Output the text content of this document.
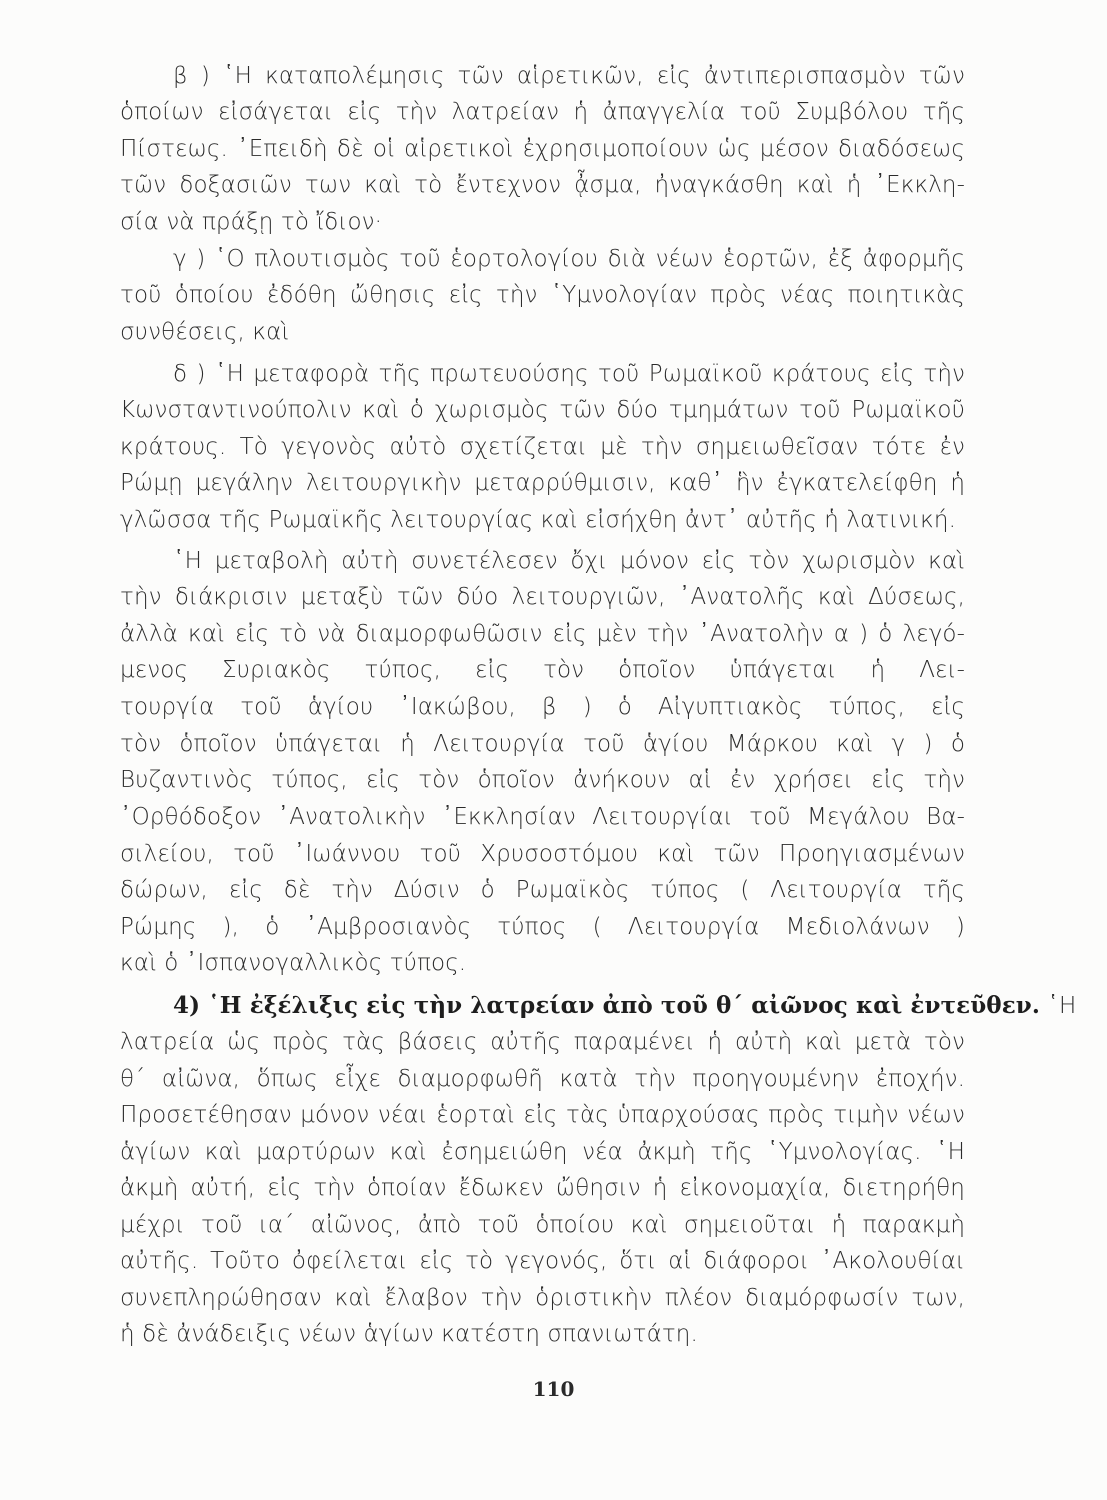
β ) ῾Η καταπολέμησις τῶν αἱρετικῶν, εἰς ἀντιπερισπασμὸν τῶν
ὁποίων εἰσάγεται εἰς τὴν λατρείαν ἡ ἀπαγγελία τοῦ Συμβόλου τῆς
Πίστεως. ᾿Επειδὴ δὲ οἱ αἱρετικοὶ ἐχρησιμοποίουν ὡς μέσον διαδόσεως
τῶν δοξασιῶν των καὶ τὸ ἔντεχνον ᾆσμα, ἠναγκάσθη καὶ ἡ ᾿Εκκλη-
σία νὰ πράξῃ τὸ ἴδιον·
γ ) ῾Ο πλουτισμὸς τοῦ ἑορτολογίου διὰ νέων ἑορτῶν, ἐξ ἀφορμῆς
τοῦ ὁποίου ἐδόθη ὤθησις εἰς τὴν ῾Υμνολογίαν πρὸς νέας ποιητικὰς
συνθέσεις, καὶ
δ ) ῾Η μεταφορὰ τῆς πρωτευούσης τοῦ Ρωμαϊκοῦ κράτους εἰς τὴν
Κωνσταντινούπολιν καὶ ὁ χωρισμὸς τῶν δύο τμημάτων τοῦ Ρωμαϊκοῦ
κράτους. Τὸ γεγονὸς αὐτὸ σχετίζεται μὲ τὴν σημειωθεῖσαν τότε ἐν
Ρώμῃ μεγάλην λειτουργικὴν μεταρρύθμισιν, καθ᾿ ἣν ἐγκατελείφθη ἡ
γλῶσσα τῆς Ρωμαϊκῆς λειτουργίας καὶ εἰσήχθη ἀντ᾿ αὐτῆς ἡ λατινική.
῾Η μεταβολὴ αὐτὴ συνετέλεσεν ὄχι μόνον εἰς τὸν χωρισμὸν καὶ
τὴν διάκρισιν μεταξὺ τῶν δύο λειτουργιῶν, ᾿Ανατολῆς καὶ Δύσεως,
ἀλλὰ καὶ εἰς τὸ νὰ διαμορφωθῶσιν εἰς μὲν τὴν ᾿Ανατολὴν α ) ὁ λεγό-
μενος Συριακὸς τύπος, εἰς τὸν ὁποῖον ὑπάγεται ἡ Λει-
τουργία τοῦ ἁγίου ᾿Ιακώβου, β ) ὁ Αἰγυπτιακὸς τύπος, εἰς
τὸν ὁποῖον ὑπάγεται ἡ Λειτουργία τοῦ ἁγίου Μάρκου καὶ γ ) ὁ
Βυζαντινὸς τύπος, εἰς τὸν ὁποῖον ἀνήκουν αἱ ἐν χρήσει εἰς τὴν
᾿Ορθόδοξον ᾿Ανατολικὴν ᾿Εκκλησίαν Λειτουργίαι τοῦ Μεγάλου Βα-
σιλείου, τοῦ ᾿Ιωάννου τοῦ Χρυσοστόμου καὶ τῶν Προηγιασμένων
δώρων, εἰς δὲ τὴν Δύσιν ὁ Ρωμαϊκὸς τύπος ( Λειτουργία τῆς
Ρώμης ), ὁ ᾿Αμβροσιανὸς τύπος ( Λειτουργία Μεδιολάνων )
καὶ ὁ ᾿Ισπανογαλλικὸς τύπος.
4) ῾Η ἐξέλιξις εἰς τὴν λατρείαν ἀπὸ τοῦ θ΄ αἰῶνος καὶ ἐντεῦθεν. ῾Η
λατρεία ὡς πρὸς τὰς βάσεις αὐτῆς παραμένει ἡ αὐτὴ καὶ μετὰ τὸν
θ΄ αἰῶνα, ὅπως εἶχε διαμορφωθῆ κατὰ τὴν προηγουμένην ἐποχήν.
Προσετέθησαν μόνον νέαι ἑορταὶ εἰς τὰς ὑπαρχούσας πρὸς τιμὴν νέων
ἁγίων καὶ μαρτύρων καὶ ἐσημειώθη νέα ἀκμὴ τῆς ῾Υμνολογίας. ῾Η
ἀκμὴ αὐτή, εἰς τὴν ὁποίαν ἔδωκεν ὤθησιν ἡ εἰκονομαχία, διετηρήθη
μέχρι τοῦ ια΄ αἰῶνος, ἀπὸ τοῦ ὁποίου καὶ σημειοῦται ἡ παρακμὴ
αὐτῆς. Τοῦτο ὀφείλεται εἰς τὸ γεγονός, ὅτι αἱ διάφοροι ᾿Ακολουθίαι
συνεπληρώθησαν καὶ ἔλαβον τὴν ὁριστικὴν πλέον διαμόρφωσίν των,
ἡ δὲ ἀνάδειξις νέων ἁγίων κατέστη σπανιωτάτη.
110
